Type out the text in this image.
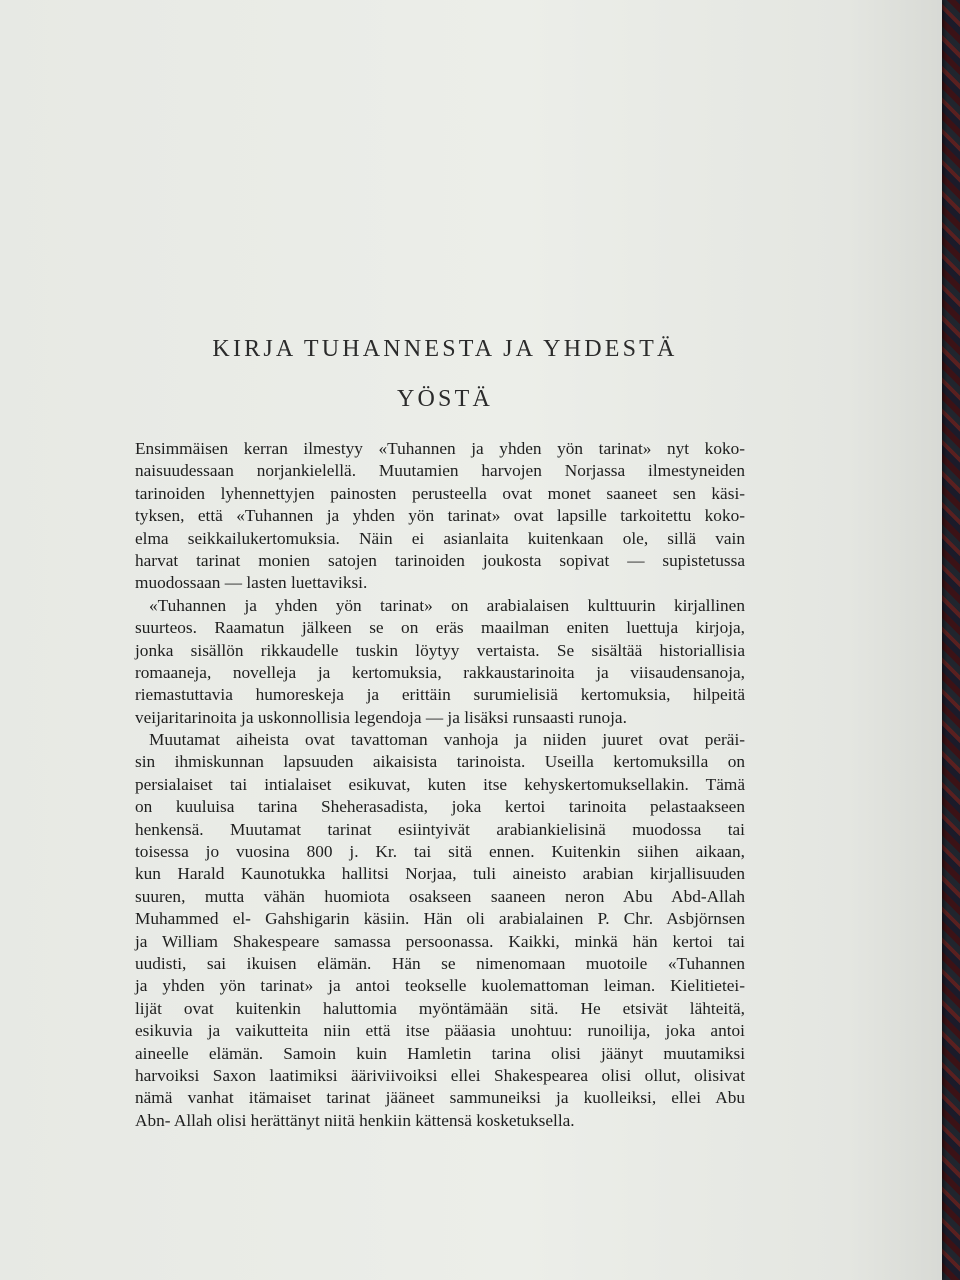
KIRJA TUHANNESTA JA YHDESTÄ
YÖSTÄ
Ensimmäisen kerran ilmestyy «Tuhannen ja yhden yön tarinat» nyt koko-
naisuudessaan norjankielellä. Muutamien harvojen Norjassa ilmestyneiden
tarinoiden lyhennettyjen painosten perusteella ovat monet saaneet sen käsi-
tyksen, että «Tuhannen ja yhden yön tarinat» ovat lapsille tarkoitettu koko-
elma seikkailukertomuksia. Näin ei asianlaita kuitenkaan ole, sillä vain
harvat tarinat monien satojen tarinoiden joukosta sopivat — supistetussa
muodossaan — lasten luettaviksi.
«Tuhannen ja yhden yön tarinat» on arabialaisen kulttuurin kirjallinen
suurteos. Raamatun jälkeen se on eräs maailman eniten luettuja kirjoja,
jonka sisällön rikkaudelle tuskin löytyy vertaista. Se sisältää historiallisia
romaaneja, novelleja ja kertomuksia, rakkaustarinoita ja viisaudensanoja,
riemastuttavia humoreskeja ja erittäin surumielisiä kertomuksia, hilpeitä
veijaritarinoita ja uskonnollisia legendoja — ja lisäksi runsaasti runoja.
Muutamat aiheista ovat tavattoman vanhoja ja niiden juuret ovat peräi-
sin ihmiskunnan lapsuuden aikaisista tarinoista. Useilla kertomuksilla on
persialaiset tai intialaiset esikuvat, kuten itse kehyskertomuksellakin. Tämä
on kuuluisa tarina Sheherasadista, joka kertoi tarinoita pelastaakseen
henkensä. Muutamat tarinat esiintyivät arabiankielisinä muodossa tai
toisessa jo vuosina 800 j. Kr. tai sitä ennen. Kuitenkin siihen aikaan,
kun Harald Kaunotukka hallitsi Norjaa, tuli aineisto arabian kirjallisuuden
suuren, mutta vähän huomiota osakseen saaneen neron Abu Abd-Allah
Muhammed el- Gahshigarin käsiin. Hän oli arabialainen P. Chr. Asbjörnsen
ja William Shakespeare samassa persoonassa. Kaikki, minkä hän kertoi tai
uudisti, sai ikuisen elämän. Hän se nimenomaan muotoile «Tuhannen
ja yhden yön tarinat» ja antoi teokselle kuolemattoman leiman. Kielitietei-
lijät ovat kuitenkin haluttomia myöntämään sitä. He etsivät lähteitä,
esikuvia ja vaikutteita niin että itse pääasia unohtuu: runoilija, joka antoi
aineelle elämän. Samoin kuin Hamletin tarina olisi jäänyt muutamiksi
harvoiksi Saxon laatimiksi ääriviivoiksi ellei Shakespearea olisi ollut, olisivat
nämä vanhat itämaiset tarinat jääneet sammuneiksi ja kuolleiksi, ellei Abu
Abn- Allah olisi herättänyt niitä henkiin kättensä kosketuksella.
